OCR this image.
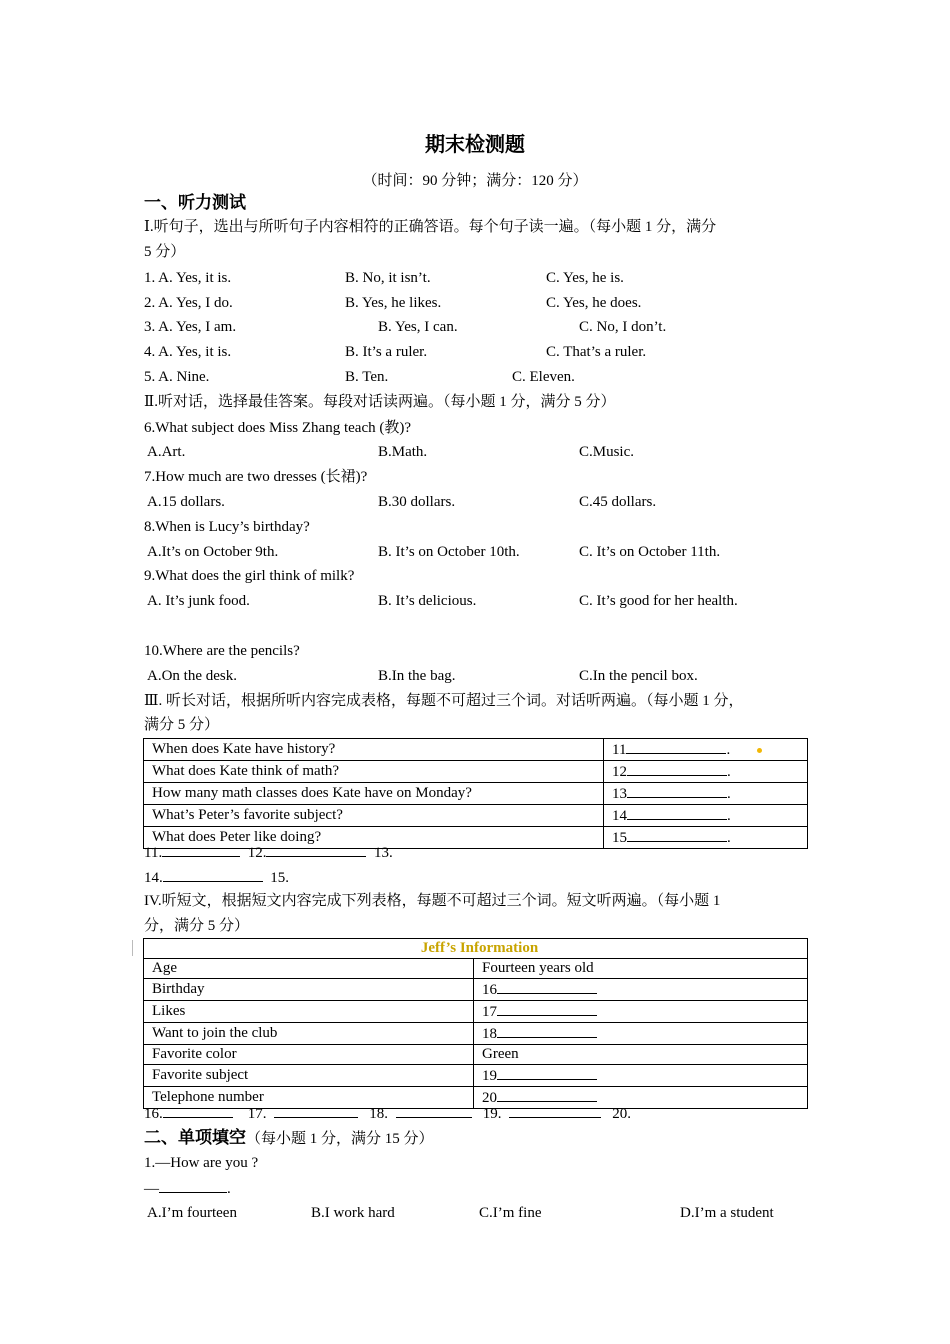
期末检测题
（时间：90 分钟；满分：120 分）
一、听力测试
Ⅰ.听句子，选出与所听句子内容相符的正确答语。每个句子读一遍。（每小题 1 分，满分
5 分）
1. A. Yes, it is.	B. No, it isn’t.	C. Yes, he is.
2. A. Yes, I do.	B. Yes, he likes.	C. Yes, he does.
3. A. Yes, I am.	B. Yes, I can.	C. No, I don’t.
4. A. Yes, it is.	B. It’s a ruler.	C. That’s a ruler.
5. A. Nine.	B. Ten.	C. Eleven.
Ⅱ.听对话，选择最佳答案。每段对话读两遍。（每小题 1 分，满分 5 分）
6.What subject does Miss Zhang teach (教)?
A.Art.	B.Math.	C.Music.
7.How much are two dresses (长裙)?
A.15 dollars.	B.30 dollars.	C.45 dollars.
8.When is Lucy’s birthday?
A.It’s on October 9th.	B. It’s on October 10th.	C. It’s on October 11th.
9.What does the girl think of milk?
A. It’s junk food.	B. It’s delicious.	C. It’s good for her health.
10.Where are the pencils?
A.On the desk.	B.In the bag.	C.In the pencil box.
Ⅲ. 听长对话，根据所听内容完成表格，每题不可超过三个词。对话听两遍。（每小题 1 分，
满分 5 分）
When does Kate have history?	11 .
What does Kate think of math?	12 .
How many math classes does Kate have on Monday?	13 .
What’s Peter’s favorite subject?	14 .
What does Peter like doing?	15 .
11.	12.	13.
14.	15.
IV.听短文，根据短文内容完成下列表格，每题不可超过三个词。短文听两遍。（每小题 1
分，满分 5 分）
Jeff’s Information	
Age	Fourteen years old
Birthday	16
Likes	17
Want to join the club	18
Favorite color	Green
Favorite subject	19
Telephone number	20
16.	17.	18.	19.	20.
二、单项填空（每小题 1 分，满分 15 分）
1.—How are you ?
—	.
A.I’m fourteen	B.I work hard	C.I’m fine	D.I’m a student
